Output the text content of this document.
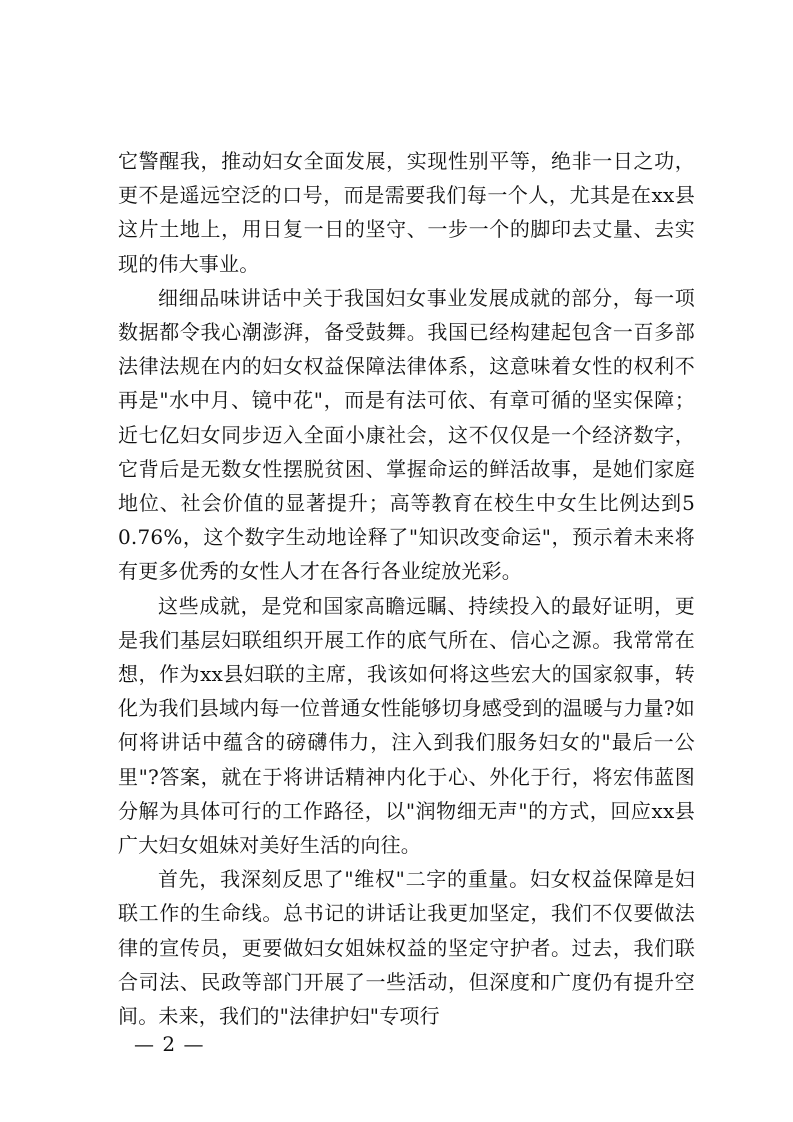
它警醒我，推动妇女全面发展，实现性别平等，绝非一日之功，更不是遥远空泛的口号，而是需要我们每一个人，尤其是在xx县这片土地上，用日复一日的坚守、一步一个的脚印去丈量、去实现的伟大事业。

细细品味讲话中关于我国妇女事业发展成就的部分，每一项数据都令我心潮澎湃，备受鼓舞。我国已经构建起包含一百多部法律法规在内的妇女权益保障法律体系，这意味着女性的权利不再是"水中月、镜中花"，而是有法可依、有章可循的坚实保障；近七亿妇女同步迈入全面小康社会，这不仅仅是一个经济数字，它背后是无数女性摆脱贫困、掌握命运的鲜活故事，是她们家庭地位、社会价值的显著提升；高等教育在校生中女生比例达到50.76%，这个数字生动地诠释了"知识改变命运"，预示着未来将有更多优秀的女性人才在各行各业绽放光彩。

这些成就，是党和国家高瞻远瞩、持续投入的最好证明，更是我们基层妇联组织开展工作的底气所在、信心之源。我常常在想，作为xx县妇联的主席，我该如何将这些宏大的国家叙事，转化为我们县域内每一位普通女性能够切身感受到的温暖与力量?如何将讲话中蕴含的磅礴伟力，注入到我们服务妇女的"最后一公里"?答案，就在于将讲话精神内化于心、外化于行，将宏伟蓝图分解为具体可行的工作路径，以"润物细无声"的方式，回应xx县广大妇女姐妹对美好生活的向往。

首先，我深刻反思了"维权"二字的重量。妇女权益保障是妇联工作的生命线。总书记的讲话让我更加坚定，我们不仅要做法律的宣传员，更要做妇女姐妹权益的坚定守护者。过去，我们联合司法、民政等部门开展了一些活动，但深度和广度仍有提升空间。未来，我们的"法律护妇"专项行

— 2 —
